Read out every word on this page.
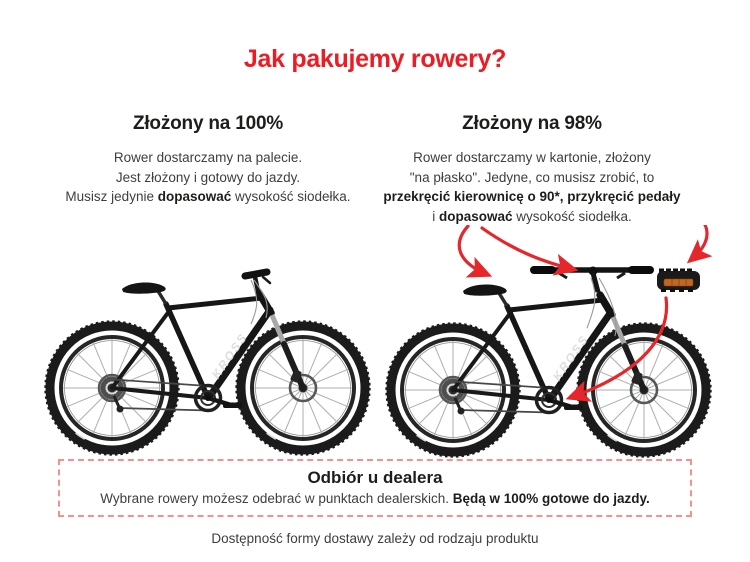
Jak pakujemy rowery?
Złożony na 100%
Rower dostarczamy na palecie.
Jest złożony i gotowy do jazdy.
Musisz jedynie dopasować wysokość siodełka.
Złożony na 98%
Rower dostarczamy w kartonie, złożony
"na płasko". Jedyne, co musisz zrobić, to
przekręcić kierownicę o 90*, przykręcić pedały
i dopasować wysokość siodełka.
Odbiór u dealera
Wybrane rowery możesz odebrać w punktach dealerskich. Będą w 100% gotowe do jazdy.
Dostępność formy dostawy zależy od rodzaju produktu
